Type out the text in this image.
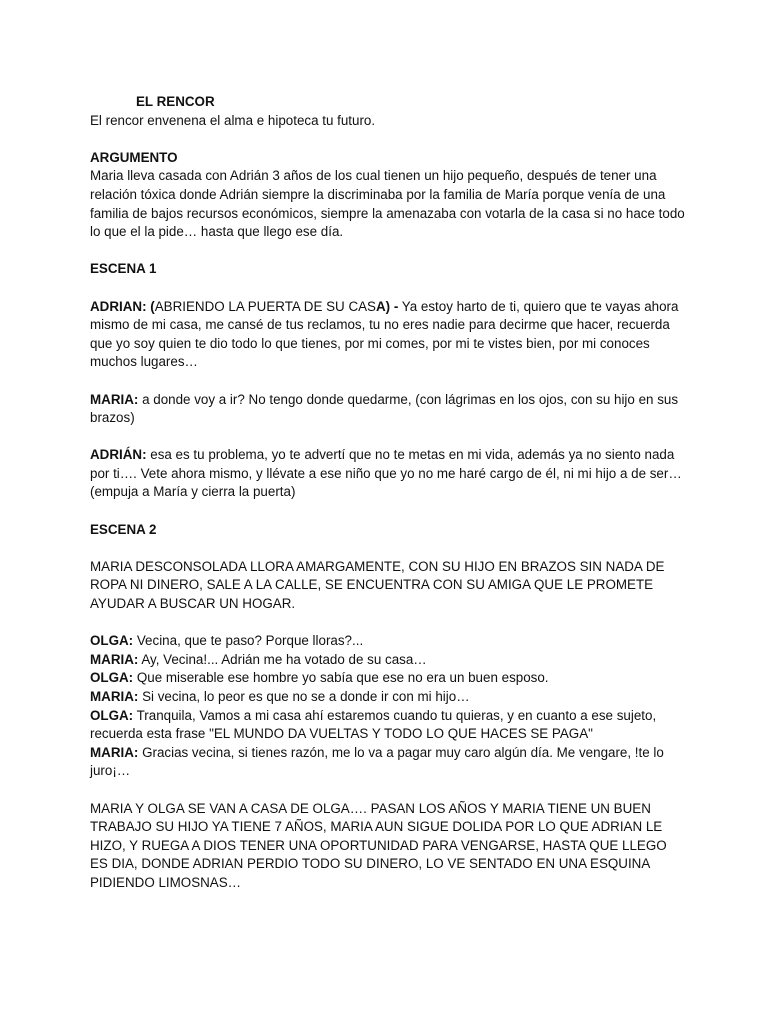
EL RENCOR

El rencor envenena el alma e hipoteca tu futuro.

ARGUMENTO

Maria lleva casada con Adrián 3 años de los cual tienen un hijo pequeño, después de tener una relación tóxica donde Adrián siempre la discriminaba por la familia de María porque venía de una familia de bajos recursos económicos, siempre la amenazaba con votarla de la casa si no hace todo lo que el la pide… hasta que llego ese día.

ESCENA 1

ADRIAN: (ABRIENDO LA PUERTA DE SU CASA) - Ya estoy harto de ti, quiero que te vayas ahora mismo de mi casa, me cansé de tus reclamos, tu no eres nadie para decirme que hacer, recuerda que yo soy quien te dio todo lo que tienes, por mi comes, por mi te vistes bien, por mi conoces muchos lugares…

MARIA: a donde voy a ir? No tengo donde quedarme, (con lágrimas en los ojos, con su hijo en sus brazos)

ADRIÁN: esa es tu problema, yo te advertí que no te metas en mi vida, además ya no siento nada por ti…. Vete ahora mismo, y llévate a ese niño que yo no me haré cargo de él, ni mi hijo a de ser… (empuja a María y cierra la puerta)

ESCENA 2

MARIA DESCONSOLADA LLORA AMARGAMENTE, CON SU HIJO EN BRAZOS SIN NADA DE ROPA NI DINERO, SALE A LA CALLE, SE ENCUENTRA CON SU AMIGA QUE LE PROMETE AYUDAR A BUSCAR UN HOGAR.

OLGA: Vecina, que te paso? Porque lloras?...

MARIA: Ay, Vecina!... Adrián me ha votado de su casa…

OLGA: Que miserable ese hombre yo sabía que ese no era un buen esposo.

MARIA: Si vecina, lo peor es que no se a donde ir con mi hijo…

OLGA: Tranquila, Vamos a mi casa ahí estaremos cuando tu quieras, y en cuanto a ese sujeto, recuerda esta frase "EL MUNDO DA VUELTAS Y TODO LO QUE HACES SE PAGA"

MARIA: Gracias vecina, si tienes razón, me lo va a pagar muy caro algún día. Me vengare, !te lo juro¡…

MARIA Y OLGA SE VAN A CASA DE OLGA…. PASAN LOS AÑOS Y MARIA TIENE UN BUEN TRABAJO SU HIJO YA TIENE 7 AÑOS, MARIA AUN SIGUE DOLIDA POR LO QUE ADRIAN LE HIZO, Y RUEGA A DIOS TENER UNA OPORTUNIDAD PARA VENGARSE, HASTA QUE LLEGO ES DIA, DONDE ADRIAN PERDIO TODO SU DINERO, LO VE SENTADO EN UNA ESQUINA PIDIENDO LIMOSNAS…
